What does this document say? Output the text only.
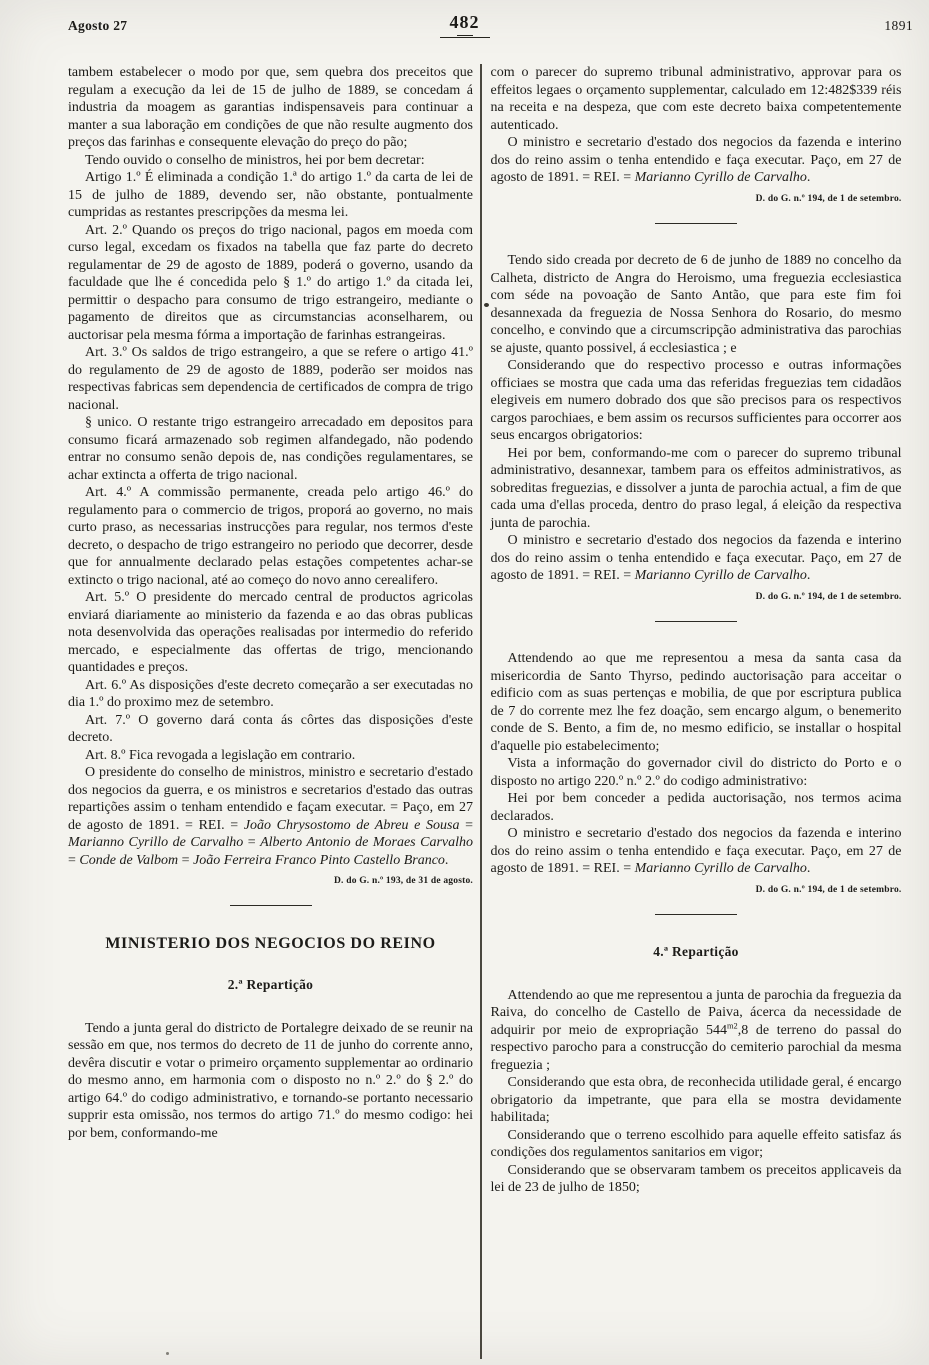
Agosto 27	482	1891

tambem estabelecer o modo por que, sem quebra dos preceitos que regulam a execução da lei de 15 de julho de 1889, se concedam á industria da moagem as garantias indispensaveis para continuar a manter a sua laboração em condições de que não resulte augmento dos preços das farinhas e consequente elevação do preço do pão;

Tendo ouvido o conselho de ministros, hei por bem decretar:

Artigo 1.º É eliminada a condição 1.ª do artigo 1.º da carta de lei de 15 de julho de 1889, devendo ser, não obstante, pontualmente cumpridas as restantes prescripções da mesma lei.

Art. 2.º Quando os preços do trigo nacional, pagos em moeda com curso legal, excedam os fixados na tabella que faz parte do decreto regulamentar de 29 de agosto de 1889, poderá o governo, usando da faculdade que lhe é concedida pelo § 1.º do artigo 1.º da citada lei, permittir o despacho para consumo de trigo estrangeiro, mediante o pagamento de direitos que as circumstancias aconselharem, ou auctorisar pela mesma fórma a importação de farinhas estrangeiras.

Art. 3.º Os saldos de trigo estrangeiro, a que se refere o artigo 41.º do regulamento de 29 de agosto de 1889, poderão ser moidos nas respectivas fabricas sem dependencia de certificados de compra de trigo nacional.

§ unico. O restante trigo estrangeiro arrecadado em depositos para consumo ficará armazenado sob regimen alfandegado, não podendo entrar no consumo senão depois de, nas condições regulamentares, se achar extincta a offerta de trigo nacional.

Art. 4.º A commissão permanente, creada pelo artigo 46.º do regulamento para o commercio de trigos, proporá ao governo, no mais curto praso, as necessarias instrucções para regular, nos termos d'este decreto, o despacho de trigo estrangeiro no periodo que decorrer, desde que for annualmente declarado pelas estações competentes achar-se extincto o trigo nacional, até ao começo do novo anno cerealifero.

Art. 5.º O presidente do mercado central de productos agricolas enviará diariamente ao ministerio da fazenda e ao das obras publicas nota desenvolvida das operações realisadas por intermedio do referido mercado, e especialmente das offertas de trigo, mencionando quantidades e preços.

Art. 6.º As disposições d'este decreto começarão a ser executadas no dia 1.º do proximo mez de setembro.

Art. 7.º O governo dará conta ás côrtes das disposições d'este decreto.

Art. 8.º Fica revogada a legislação em contrario.

O presidente do conselho de ministros, ministro e secretario d'estado dos negocios da guerra, e os ministros e secretarios d'estado das outras repartições assim o tenham entendido e façam executar. = Paço, em 27 de agosto de 1891. = REI. = João Chrysostomo de Abreu e Sousa = Marianno Cyrillo de Carvalho = Alberto Antonio de Moraes Carvalho = Conde de Valbom = João Ferreira Franco Pinto Castello Branco.
D. do G. n.º 193, de 31 de agosto.

MINISTERIO DOS NEGOCIOS DO REINO
2.ª Repartição

Tendo a junta geral do districto de Portalegre deixado de se reunir na sessão em que, nos termos do decreto de 11 de junho do corrente anno, devêra discutir e votar o primeiro orçamento supplementar ao ordinario do mesmo anno, em harmonia com o disposto no n.º 2.º do § 2.º do artigo 64.º do codigo administrativo, e tornando-se portanto necessario supprir esta omissão, nos termos do artigo 71.º do mesmo codigo: hei por bem, conformando-me

com o parecer do supremo tribunal administrativo, approvar para os effeitos legaes o orçamento supplementar, calculado em 12:482$339 réis na receita e na despeza, que com este decreto baixa competentemente autenticado.

O ministro e secretario d'estado dos negocios da fazenda e interino dos do reino assim o tenha entendido e faça executar. Paço, em 27 de agosto de 1891. = REI. = Marianno Cyrillo de Carvalho.
D. do G. n.º 194, de 1 de setembro.

Tendo sido creada por decreto de 6 de junho de 1889 no concelho da Calheta, districto de Angra do Heroismo, uma freguezia ecclesiastica com séde na povoação de Santo Antão, que para este fim foi desannexada da freguezia de Nossa Senhora do Rosario, do mesmo concelho, e convindo que a circumscripção administrativa das parochias se ajuste, quanto possivel, á ecclesiastica ; e

Considerando que do respectivo processo e outras informações officiaes se mostra que cada uma das referidas freguezias tem cidadãos elegiveis em numero dobrado dos que são precisos para os respectivos cargos parochiaes, e bem assim os recursos sufficientes para occorrer aos seus encargos obrigatorios:

Hei por bem, conformando-me com o parecer do supremo tribunal administrativo, desannexar, tambem para os effeitos administrativos, as sobreditas freguezias, e dissolver a junta de parochia actual, a fim de que cada uma d'ellas proceda, dentro do praso legal, á eleição da respectiva junta de parochia.

O ministro e secretario d'estado dos negocios da fazenda e interino dos do reino assim o tenha entendido e faça executar. Paço, em 27 de agosto de 1891. = REI. = Marianno Cyrillo de Carvalho.
D. do G. n.º 194, de 1 de setembro.

Attendendo ao que me representou a mesa da santa casa da misericordia de Santo Thyrso, pedindo auctorisação para acceitar o edificio com as suas pertenças e mobilia, de que por escriptura publica de 7 do corrente mez lhe fez doação, sem encargo algum, o benemerito conde de S. Bento, a fim de, no mesmo edificio, se installar o hospital d'aquelle pio estabelecimento;

Vista a informação do governador civil do districto do Porto e o disposto no artigo 220.º n.º 2.º do codigo administrativo:

Hei por bem conceder a pedida auctorisação, nos termos acima declarados.

O ministro e secretario d'estado dos negocios da fazenda e interino dos do reino assim o tenha entendido e faça executar. Paço, em 27 de agosto de 1891. = REI. = Marianno Cyrillo de Carvalho.
D. do G. n.º 194, de 1 de setembro.

4.ª Repartição

Attendendo ao que me representou a junta de parochia da freguezia da Raiva, do concelho de Castello de Paiva, ácerca da necessidade de adquirir por meio de expropriação $544^{m2},8$ de terreno do passal do respectivo parocho para a construcção do cemiterio parochial da mesma freguezia ;

Considerando que esta obra, de reconhecida utilidade geral, é encargo obrigatorio da impetrante, que para ella se mostra devidamente habilitada;

Considerando que o terreno escolhido para aquelle effeito satisfaz ás condições dos regulamentos sanitarios em vigor;

Considerando que se observaram tambem os preceitos applicaveis da lei de 23 de julho de 1850;
